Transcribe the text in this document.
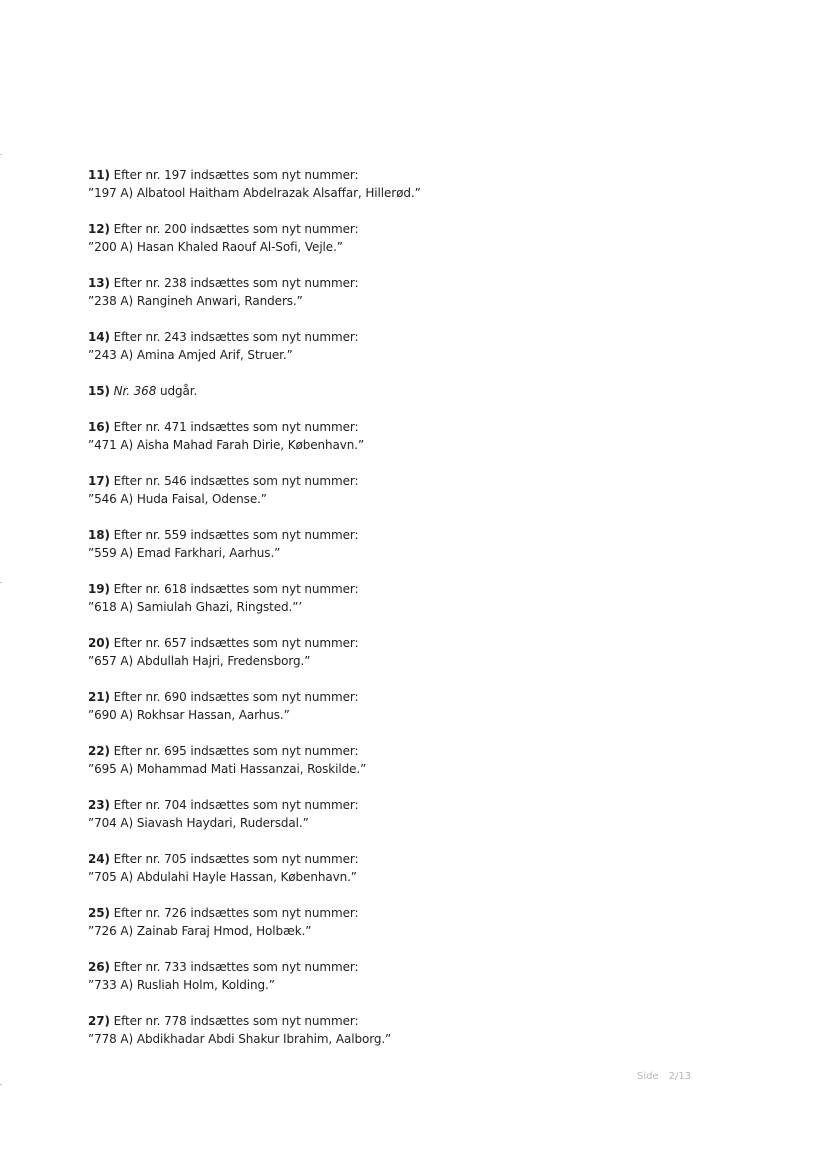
11) Efter nr. 197 indsættes som nyt nummer:
”197 A) Albatool Haitham Abdelrazak Alsaffar, Hillerød.”
12) Efter nr. 200 indsættes som nyt nummer:
”200 A) Hasan Khaled Raouf Al-Sofi, Vejle.”
13) Efter nr. 238 indsættes som nyt nummer:
”238 A) Rangineh Anwari, Randers.”
14) Efter nr. 243 indsættes som nyt nummer:
”243 A) Amina Amjed Arif, Struer.”
15) Nr. 368 udgår.
16) Efter nr. 471 indsættes som nyt nummer:
”471 A) Aisha Mahad Farah Dirie, København.”
17) Efter nr. 546 indsættes som nyt nummer:
”546 A) Huda Faisal, Odense.”
18) Efter nr. 559 indsættes som nyt nummer:
”559 A) Emad Farkhari, Aarhus.”
19) Efter nr. 618 indsættes som nyt nummer:
”618 A) Samiulah Ghazi, Ringsted.”’
20) Efter nr. 657 indsættes som nyt nummer:
”657 A) Abdullah Hajri, Fredensborg.”
21) Efter nr. 690 indsættes som nyt nummer:
”690 A) Rokhsar Hassan, Aarhus.”
22) Efter nr. 695 indsættes som nyt nummer:
”695 A) Mohammad Mati Hassanzai, Roskilde.”
23) Efter nr. 704 indsættes som nyt nummer:
”704 A) Siavash Haydari, Rudersdal.”
24) Efter nr. 705 indsættes som nyt nummer:
”705 A) Abdulahi Hayle Hassan, København.”
25) Efter nr. 726 indsættes som nyt nummer:
”726 A) Zainab Faraj Hmod, Holbæk.”
26) Efter nr. 733 indsættes som nyt nummer:
”733 A) Rusliah Holm, Kolding.”
27) Efter nr. 778 indsættes som nyt nummer:
”778 A) Abdikhadar Abdi Shakur Ibrahim, Aalborg.”
Side 2/13
